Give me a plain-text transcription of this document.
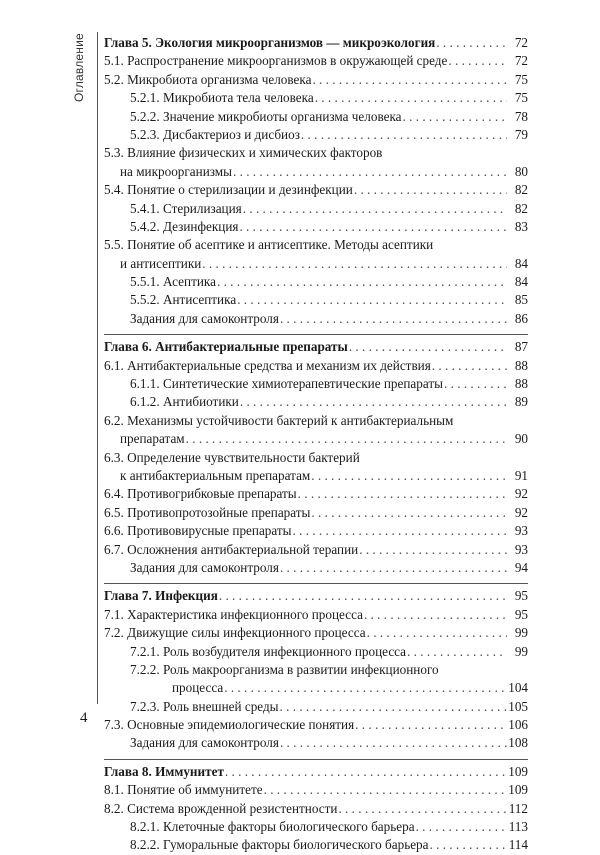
Оглавление Глава 5. Экология микроорганизмов — микроэкология . . .	72
5.1. Распространение микроорганизмов в окружающей среде . . .	72
5.2. Микробиота организма человека . . .	75
5.2.1. Микробиота тела человека . . .	75
5.2.2. Значение микробиоты организма человека . . .	78
5.2.3. Дисбактериоз и дисбиоз . . .	79
5.3. Влияние физических и химических факторов
на микроорганизмы . . .	80
5.4. Понятие о стерилизации и дезинфекции . . .	82
5.4.1. Стерилизация . . .	82
5.4.2. Дезинфекция . . .	83
5.5. Понятие об асептике и антисептике. Методы асептики
и антисептики . . .	84
5.5.1. Асептика . . .	84
5.5.2. Антисептика . . .	85
Задания для самоконтроля . . .	86
Глава 6. Антибактериальные препараты . . .	87
6.1. Антибактериальные средства и механизм их действия . . .	88
6.1.1. Синтетические химиотерапевтические препараты . . .	88
6.1.2. Антибиотики . . .	89
6.2. Механизмы устойчивости бактерий к антибактериальным
препаратам . . .	90
6.3. Определение чувствительности бактерий
к антибактериальным препаратам . . .	91
6.4. Противогрибковые препараты . . .	92
6.5. Противопротозойные препараты . . .	92
6.6. Противовирусные препараты . . .	93
6.7. Осложнения антибактериальной терапии . . .	93
Задания для самоконтроля . . .	94
Глава 7. Инфекция . . .	95
7.1. Характеристика инфекционного процесса . . .	95
7.2. Движущие силы инфекционного процесса . . .	99
7.2.1. Роль возбудителя инфекционного процесса . . .	99
7.2.2. Роль макроорганизма в развитии инфекционного
процесса . . .	104
7.2.3. Роль внешней среды . . .	105
7.3. Основные эпидемиологические понятия . . .	106
Задания для самоконтроля . . .	108
Глава 8. Иммунитет . . .	109
8.1. Понятие об иммунитете . . .	109
8.2. Система врожденной резистентности . . .	112
8.2.1. Клеточные факторы биологического барьера . . .	113
8.2.2. Гуморальные факторы биологического барьера . . .	114
4
